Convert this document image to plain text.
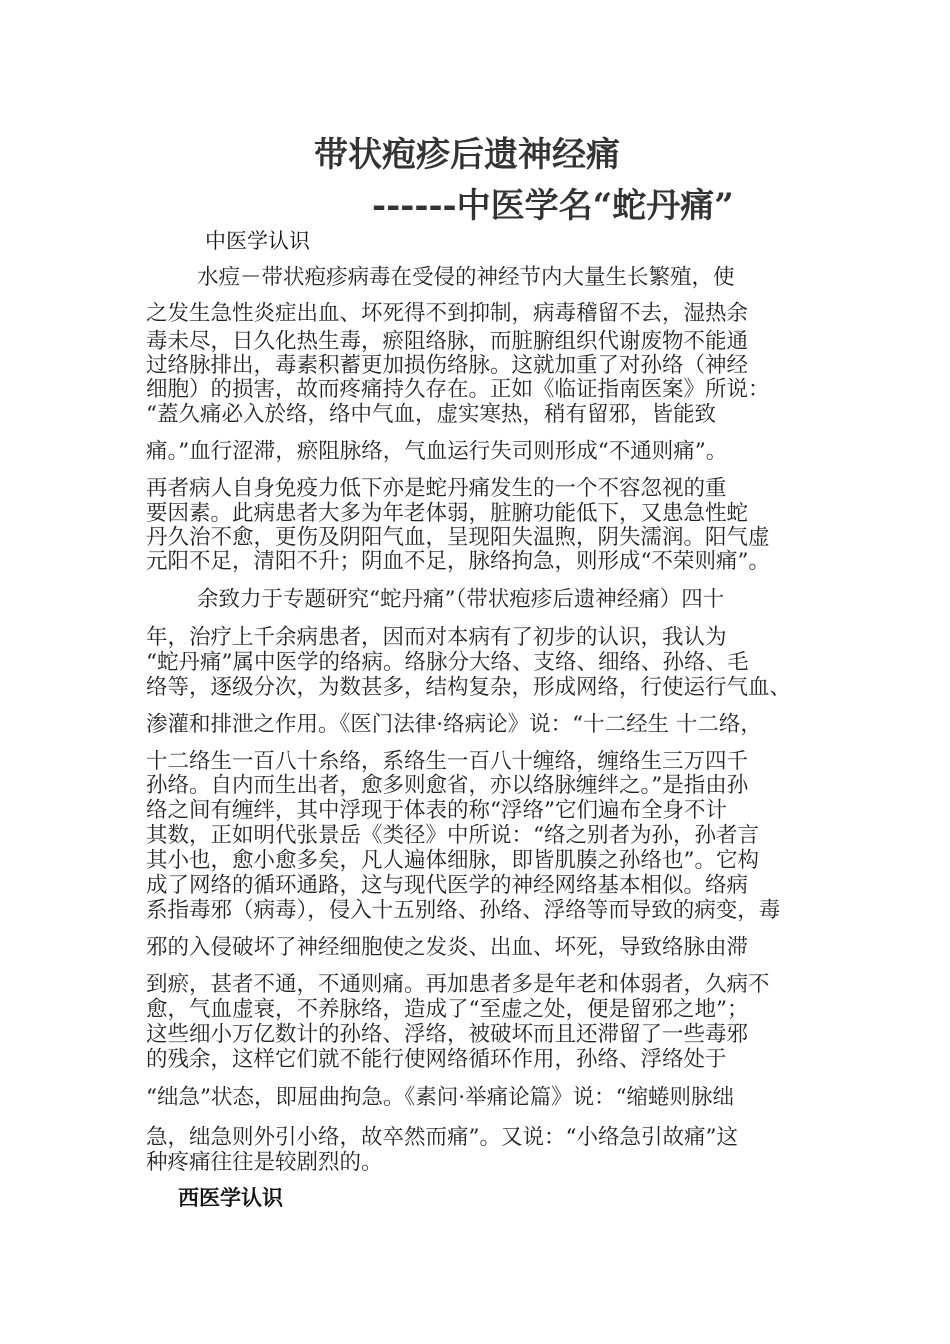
带状疱疹后遗神经痛
------中医学名“蛇丹痛”
中医学认识
水痘－带状疱疹病毒在受侵的神经节内大量生长繁殖，使
之发生急性炎症出血、坏死得不到抑制，病毒稽留不去，湿热余
毒未尽，日久化热生毒，瘀阻络脉，而脏腑组织代谢废物不能通
过络脉排出，毒素积蓄更加损伤络脉。这就加重了对孙络（神经
细胞）的损害，故而疼痛持久存在。正如《临证指南医案》所说：
“蓋久痛必入於络，络中气血，虚实寒热，稍有留邪，皆能致
痛。”血行涩滞，瘀阻脉络，气血运行失司则形成“不通则痛”。
再者病人自身免疫力低下亦是蛇丹痛发生的一个不容忽视的重
要因素。此病患者大多为年老体弱，脏腑功能低下，又患急性蛇
丹久治不愈，更伤及阴阳气血，呈现阳失温煦，阴失濡润。阳气虚
元阳不足，清阳不升；阴血不足，脉络拘急，则形成“不荣则痛”。
余致力于专题研究“蛇丹痛”（带状疱疹后遗神经痛）四十
年，治疗上千余病患者，因而对本病有了初步的认识，我认为
“蛇丹痛”属中医学的络病。络脉分大络、支络、细络、孙络、毛
络等，逐级分次，为数甚多，结构复杂，形成网络，行使运行气血、
渗灌和排泄之作用。《医门法律·络病论》说：“十二经生 十二络，
十二络生一百八十糸络，系络生一百八十缠络，缠络生三万四千
孙络。自内而生出者，愈多则愈省，亦以络脉缠绊之。”是指由孙
络之间有缠绊，其中浮现于体表的称“浮络”它们遍布全身不计
其数，正如明代张景岳《类径》中所说：“络之别者为孙，孙者言
其小也，愈小愈多矣，凡人遍体细脉，即皆肌腠之孙络也”。它构
成了网络的循环通路，这与现代医学的神经网络基本相似。络病
系指毒邪（病毒），侵入十五别络、孙络、浮络等而导致的病变，毒
邪的入侵破坏了神经细胞使之发炎、出血、坏死，导致络脉由滞
到瘀，甚者不通，不通则痛。再加患者多是年老和体弱者，久病不
愈，气血虚衰，不养脉络，造成了“至虚之处，便是留邪之地”；
这些细小万亿数计的孙络、浮络，被破坏而且还滞留了一些毒邪
的残余，这样它们就不能行使网络循环作用，孙络、浮络处于
“绌急”状态，即屈曲拘急。《素问·举痛论篇》说：“缩蜷则脉绌
急，绌急则外引小络，故卒然而痛”。又说：“小络急引故痛”这
种疼痛往往是较剧烈的。
西医学认识
